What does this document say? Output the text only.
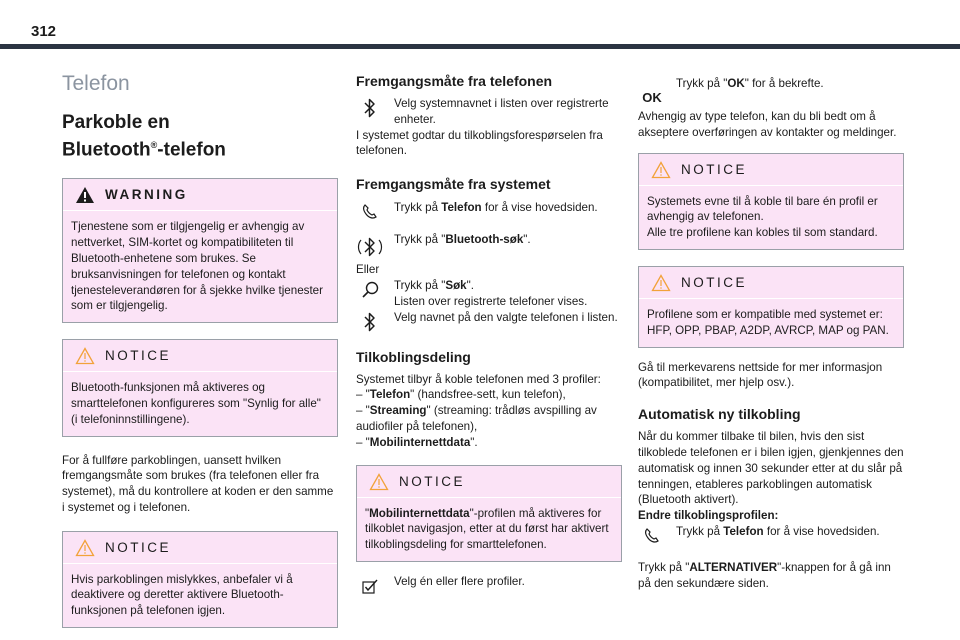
312

Telefon

Parkoble en
Bluetooth®-telefon
WARNING

Tjenestene som er tilgjengelig er avhengig av nettverket, SIM-kortet og kompatibiliteten til Bluetooth-enhetene som brukes. Se bruksanvisningen for telefonen og kontakt tjenesteleverandøren for å sjekke hvilke tjenester som er tilgjengelig.

NOTICE

Bluetooth-funksjonen må aktiveres og smarttelefonen konfigureres som "Synlig for alle" (i telefoninnstillingene).

For å fullføre parkoblingen, uansett hvilken fremgangsmåte som brukes (fra telefonen eller fra systemet), må du kontrollere at koden er den samme i systemet og i telefonen.

NOTICE

Hvis parkoblingen mislykkes, anbefaler vi å deaktivere og deretter aktivere Bluetooth-funksjonen på telefonen igjen.

Fremgangsmåte fra telefonen

Velg systemnavnet i listen over registrerte enheter.

I systemet godtar du tilkoblingsforespørselen fra telefonen.

Fremgangsmåte fra systemet

Trykk på Telefon for å vise hovedsiden.

Trykk på "Bluetooth-søk".

Eller

Trykk på "Søk".
Listen over registrerte telefoner vises.

Velg navnet på den valgte telefonen i listen.

Tilkoblingsdeling

Systemet tilbyr å koble telefonen med 3 profiler:

– "Telefon" (handsfree-sett, kun telefon),

– "Streaming" (streaming: trådløs avspilling av audiofiler på telefonen),

– "Mobilinternettdata".

NOTICE

"Mobilinternettdata"-profilen må aktiveres for tilkoblet navigasjon, etter at du først har aktivert tilkoblingsdeling for smarttelefonen.

Velg én eller flere profiler.

OK

Trykk på "OK" for å bekrefte.

Avhengig av type telefon, kan du bli bedt om å akseptere overføringen av kontakter og meldinger.

NOTICE

Systemets evne til å koble til bare én profil er avhengig av telefonen.

Alle tre profilene kan kobles til som standard.

NOTICE

Profilene som er kompatible med systemet er: HFP, OPP, PBAP, A2DP, AVRCP, MAP og PAN.

Gå til merkevarens nettside for mer informasjon (kompatibilitet, mer hjelp osv.).

Automatisk ny tilkobling

Når du kommer tilbake til bilen, hvis den sist tilkoblede telefonen er i bilen igjen, gjenkjennes den automatisk og innen 30 sekunder etter at du slår på tenningen, etableres parkoblingen automatisk (Bluetooth aktivert).

Endre tilkoblingsprofilen:

Trykk på Telefon for å vise hovedsiden.

Trykk på "ALTERNATIVER"-knappen for å gå inn på den sekundære siden.
